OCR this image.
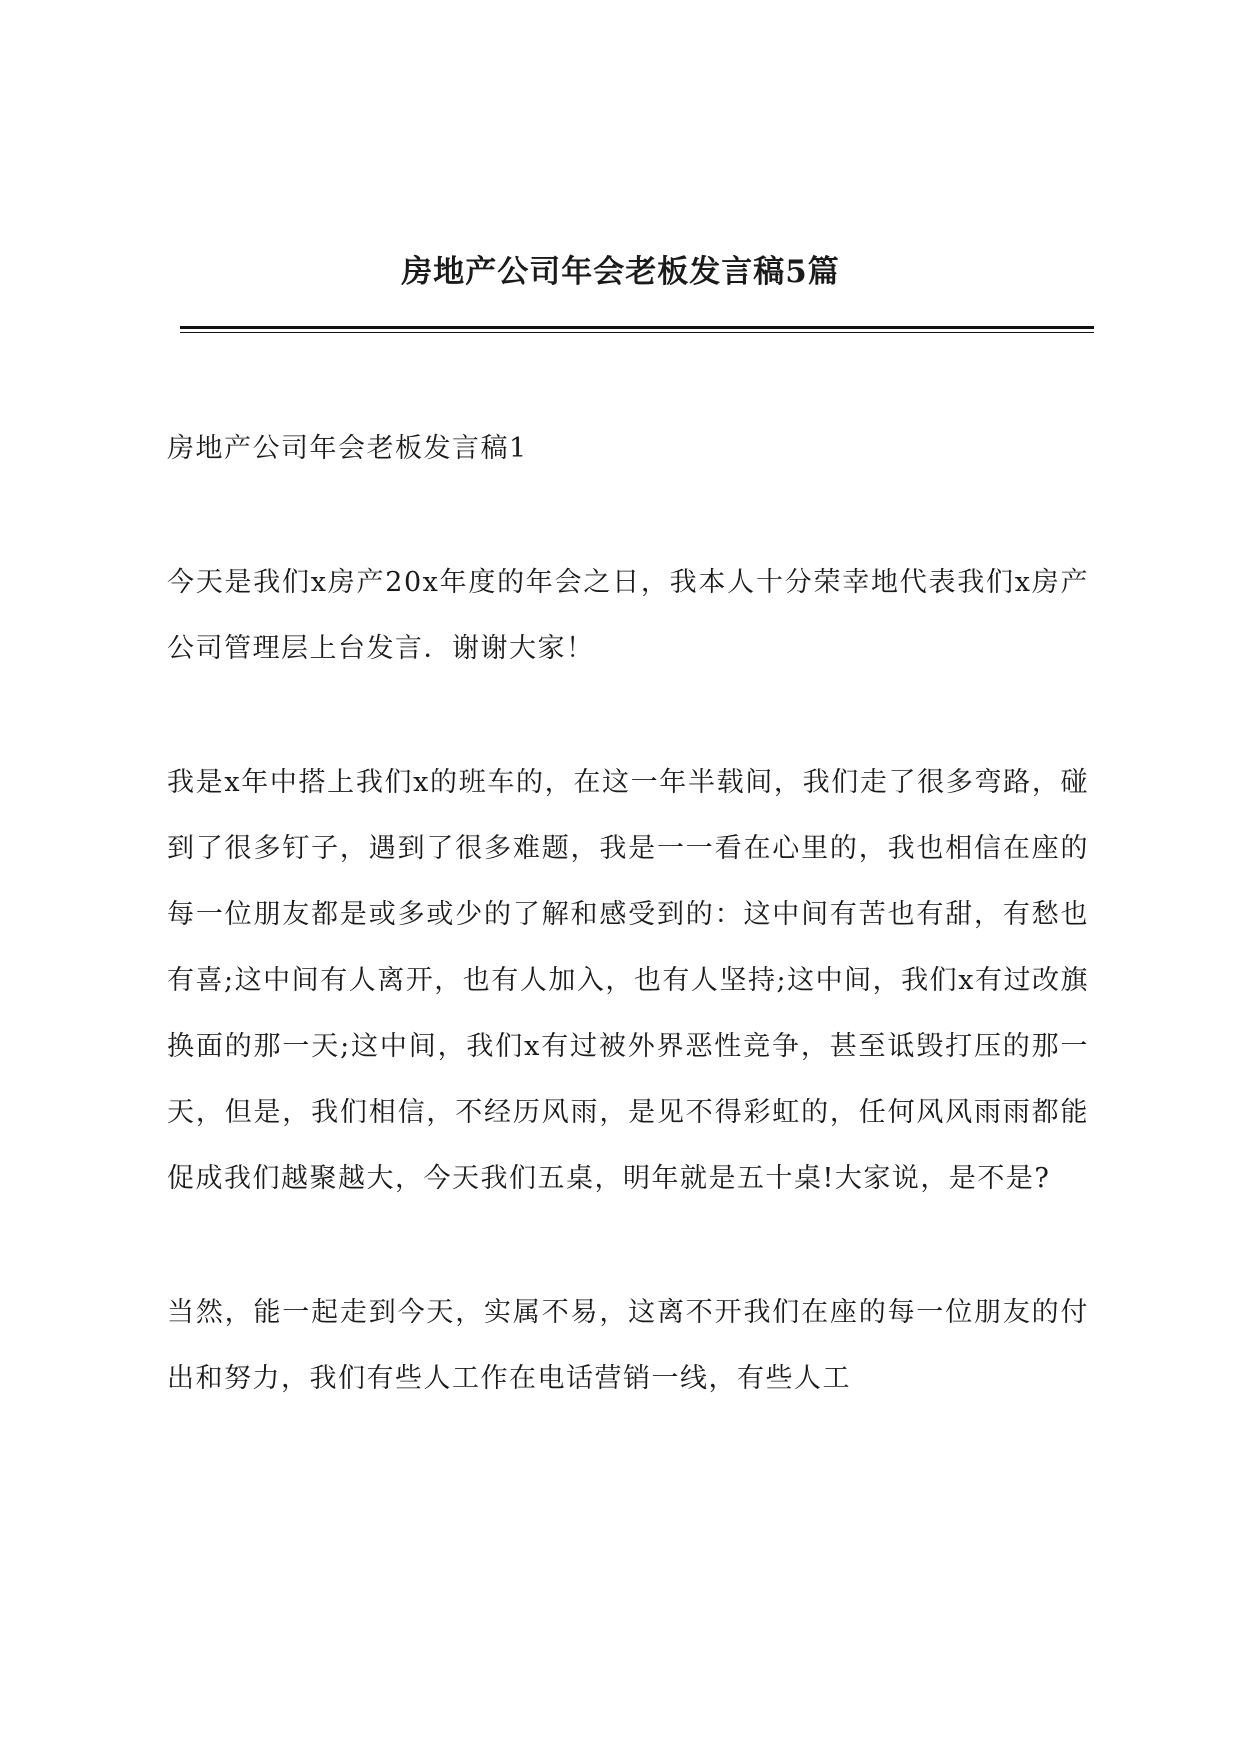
房地产公司年会老板发言稿5篇
房地产公司年会老板发言稿1

今天是我们x房产20x年度的年会之日，我本人十分荣幸地代表我们x房产公司管理层上台发言．谢谢大家！

我是x年中搭上我们x的班车的，在这一年半载间，我们走了很多弯路，碰到了很多钉子，遇到了很多难题，我是一一看在心里的，我也相信在座的每一位朋友都是或多或少的了解和感受到的：这中间有苦也有甜，有愁也有喜;这中间有人离开，也有人加入，也有人坚持;这中间，我们x有过改旗换面的那一天;这中间，我们x有过被外界恶性竞争，甚至诋毁打压的那一天，但是，我们相信，不经历风雨，是见不得彩虹的，任何风风雨雨都能促成我们越聚越大，今天我们五桌，明年就是五十桌!大家说，是不是?

当然，能一起走到今天，实属不易，这离不开我们在座的每一位朋友的付出和努力，我们有些人工作在电话营销一线，有些人工
